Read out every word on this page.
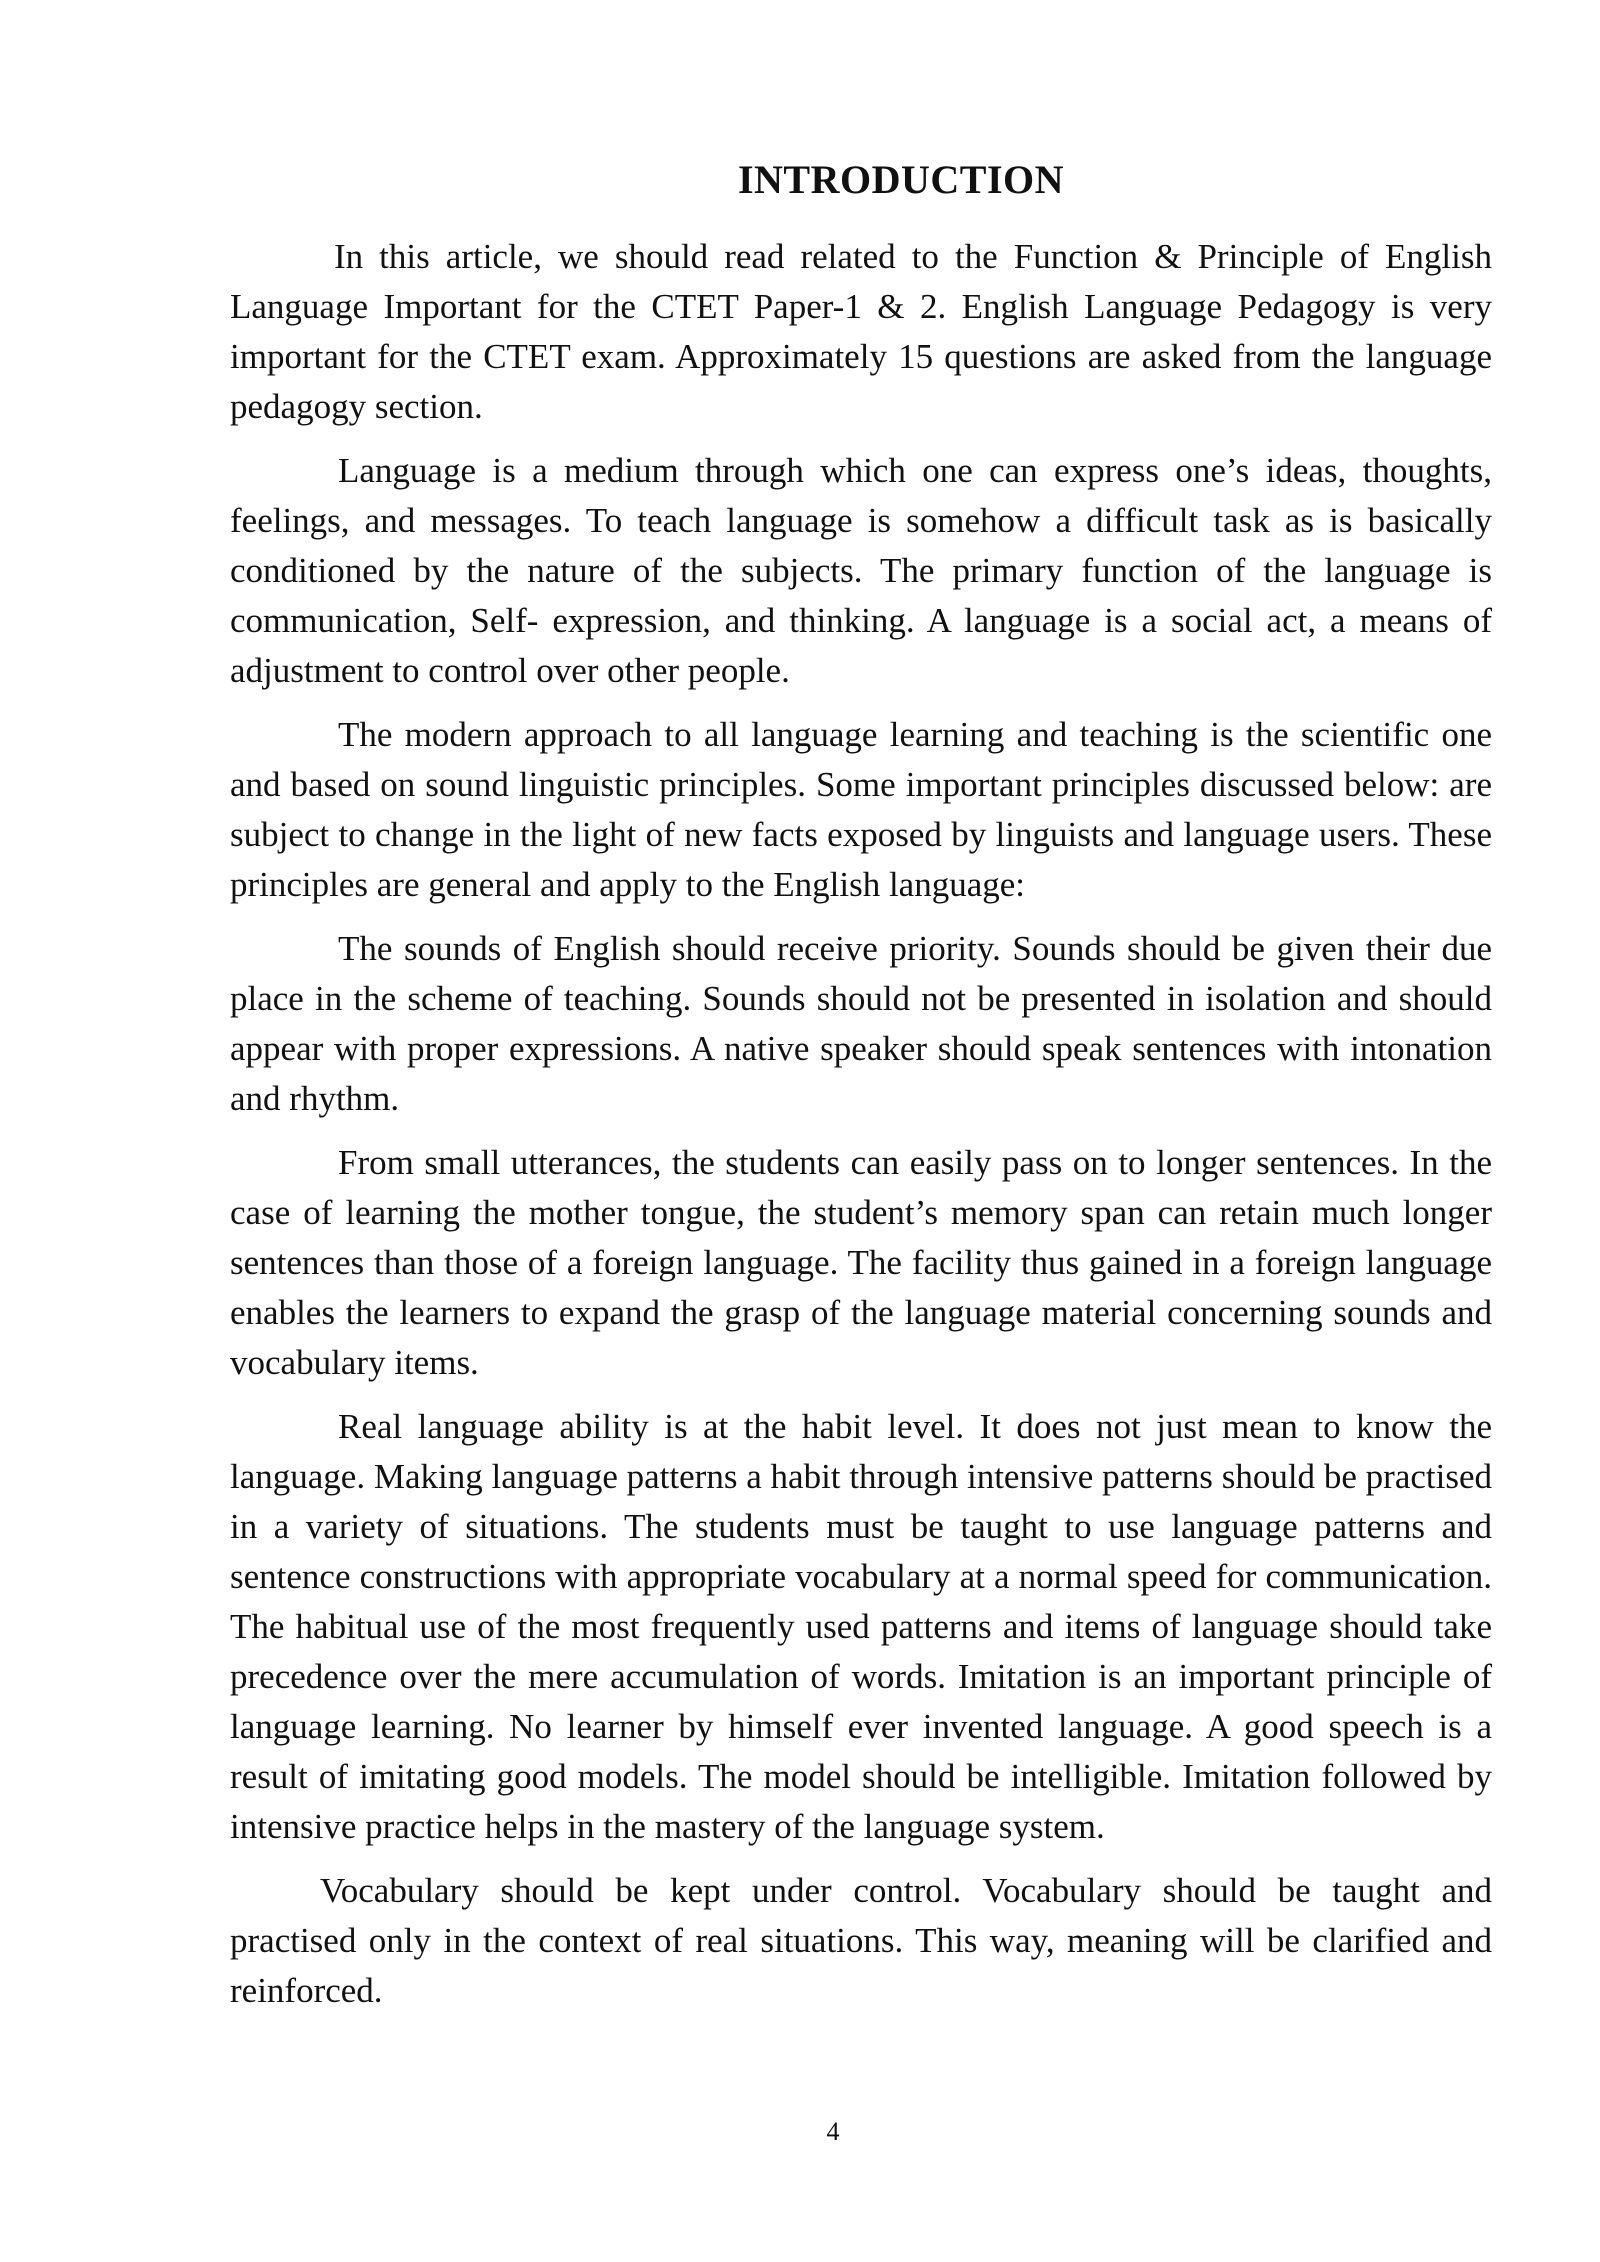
INTRODUCTION

In this article, we should read related to the Function & Principle of English Language Important for the CTET Paper-1 & 2. English Language Pedagogy is very important for the CTET exam. Approximately 15 questions are asked from the language pedagogy section.

Language is a medium through which one can express one’s ideas, thoughts, feelings, and messages. To teach language is somehow a difficult task as is basically conditioned by the nature of the subjects. The primary function of the language is communication, Self- expression, and thinking. A language is a social act, a means of adjustment to control over other people.

The modern approach to all language learning and teaching is the scientific one and based on sound linguistic principles. Some important principles discussed below: are subject to change in the light of new facts exposed by linguists and language users. These principles are general and apply to the English language:

The sounds of English should receive priority. Sounds should be given their due place in the scheme of teaching. Sounds should not be presented in isolation and should appear with proper expressions. A native speaker should speak sentences with intonation and rhythm.

From small utterances, the students can easily pass on to longer sentences. In the case of learning the mother tongue, the student’s memory span can retain much longer sentences than those of a foreign language. The facility thus gained in a foreign language enables the learners to expand the grasp of the language material concerning sounds and vocabulary items.

Real language ability is at the habit level. It does not just mean to know the language. Making language patterns a habit through intensive patterns should be practised in a variety of situations. The students must be taught to use language patterns and sentence constructions with appropriate vocabulary at a normal speed for communication. The habitual use of the most frequently used patterns and items of language should take precedence over the mere accumulation of words. Imitation is an important principle of language learning. No learner by himself ever invented language. A good speech is a result of imitating good models. The model should be intelligible. Imitation followed by intensive practice helps in the mastery of the language system.

Vocabulary should be kept under control. Vocabulary should be taught and practised only in the context of real situations. This way, meaning will be clarified and reinforced.

4
